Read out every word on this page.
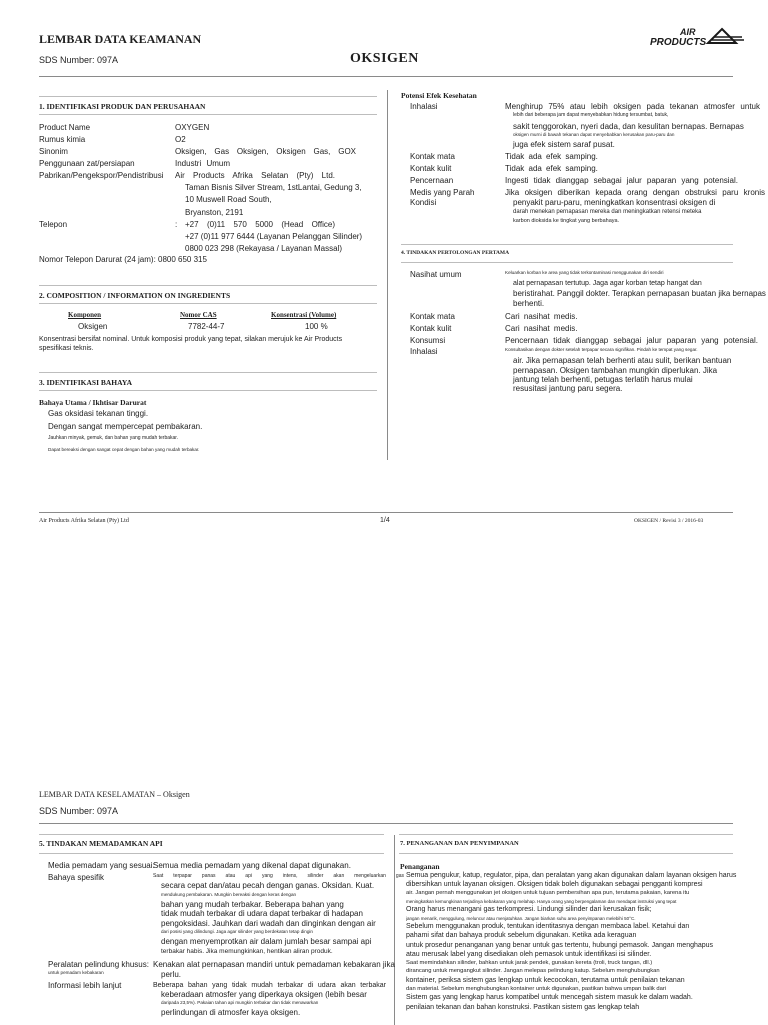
LEMBAR DATA KEAMANAN
SDS Number: 097A	OKSIGEN
AIR
PRODUCTS
1. IDENTIFIKASI PRODUK DAN PERUSAHAAN
Product Name	OXYGEN
Rumus kimia	O2
Sinonim	Oksigen, Gas Oksigen, Oksigen Gas, GOX
Penggunaan zat/persiapan	Industri Umum
Pabrikan/Pengekspor/Pendistribusi Air Products Afrika Selatan (Pty) Ltd.
Taman Bisnis Silver Stream, 1stLantai, Gedung 3,
10 Muswell Road South,
Bryanston, 2191
Telepon	: +27 (0)11 570 5000 (Head Office)
+27 (0)11 977 6444 (Layanan Pelanggan Silinder)
0800 023 298 (Rekayasa / Layanan Massal)
Nomor Telepon Darurat (24 jam): 0800 650 315
2. COMPOSITION / INFORMATION ON INGREDIENTS
Komponen	Nomor CAS	Konsentrasi (Volume)
Oksigen	7782-44-7	100 %
Konsentrasi bersifat nominal. Untuk komposisi produk yang tepat, silakan merujuk ke Air Products spesifikasi teknis.
3. IDENTIFIKASI BAHAYA
Bahaya Utama / Ikhtisar Darurat
Gas oksidasi tekanan tinggi.
Dengan sangat mempercepat pembakaran.
Jauhkan minyak, gemuk, dan bahan yang mudah terbakar.
Dapat bereaksi dengan sangat cepat dengan bahan yang mudah terbakar.
Potensi Efek Kesehatan
Inhalasi	Menghirup 75% atau lebih oksigen pada tekanan atmosfer untuk
lebih dari beberapa jam dapat menyebabkan hidung tersumbat, batuk,
sakit tenggorokan, nyeri dada, dan kesulitan bernapas. Bernapas
oksigen murni di bawah tekanan dapat menyebabkan kerusakan paru-paru dan
juga efek sistem saraf pusat.
Kontak mata	Tidak ada efek samping.
Kontak kulit	Tidak ada efek samping.
Pencernaan	Ingesti tidak dianggap sebagai jalur paparan yang potensial.
Medis yang Parah
Kondisi
Jika oksigen diberikan kepada orang dengan obstruksi paru kronis
penyakit paru-paru, meningkatkan konsentrasi oksigen di
darah menekan pernapasan mereka dan meningkatkan retensi meteka
karbon dioksida ke tingkat yang berbahaya.
4. TINDAKAN PERTOLONGAN PERTAMA
Nasihat umum	Keluarkan korban ke area yang tidak terkontaminasi menggunakan diri sendiri
alat pernapasan tertutup. Jaga agar korban tetap hangat dan
beristirahat. Panggil dokter. Terapkan pernapasan buatan jika bernapas
berhenti.
Kontak mata	Cari nasihat medis.
Kontak kulit	Cari nasihat medis.
Konsumsi	Pencernaan tidak dianggap sebagai jalur paparan yang potensial.
Inhalasi	Konsultasikan dengan dokter setelah terpapar secara signifikan. Pindah ke tempat yang segar.
air. Jika pernapasan telah berhenti atau sulit, berikan bantuan
pernapasan. Oksigen tambahan mungkin diperlukan. Jika
jantung telah berhenti, petugas terlatih harus mulai
resusitasi jantung paru segera.
Air Products Afrika Selatan (Pty) Ltd	1/4	OKSIGEN / Revisi 3 / 2016-03
LEMBAR DATA KESELAMATAN – Oksigen
SDS Number: 097A
5. TINDAKAN MEMADAMKAN API
Media pemadam yang sesuai:
Semua media pemadam yang dikenal dapat digunakan.
Bahaya spesifik	Saat terpapar panas atau api yang intens, silinder akan mengeluarkan gas
secara cepat dan/atau pecah dengan ganas. Oksidan. Kuat.
mendukung pembakaran. Mungkin bereaksi dengan keras dengan
bahan yang mudah terbakar. Beberapa bahan yang
tidak mudah terbakar di udara dapat terbakar di hadapan
pengoksidasi. Jauhkan dari wadah dan dinginkan dengan air
dari posisi yang dilindungi. Jaga agar silinder yang berdekatan tetap dingin
dengan menyemprotkan air dalam jumlah besar sampai api
terbakar habis. Jika memungkinkan, hentikan aliran produk.
Peralatan pelindung khusus:
untuk pemadam kebakaran
Kenakan alat pernapasan mandiri untuk pemadaman kebakaran jika
perlu.
Informasi lebih lanjut	Beberapa bahan yang tidak mudah terbakar di udara akan terbakar
keberadaan atmosfer yang diperkaya oksigen (lebih besar
daripada 23,5%). Pakaian tahan api mungkin terbakar dan tidak menawarkan
perlindungan di atmosfer kaya oksigen.
7. PENANGANAN DAN PENYIMPANAN
Penanganan
Semua pengukur, katup, regulator, pipa, dan peralatan yang akan digunakan dalam layanan oksigen harus
dibersihkan untuk layanan oksigen. Oksigen tidak boleh digunakan sebagai pengganti kompresi
air. Jangan pernah menggunakan jet oksigen untuk tujuan pembersihan apa pun, terutama pakaian, karena itu
meningkatkan kemungkinan terjadinya kebakaran yang melahap. Hanya orang yang berpengalaman dan mendapat instruksi yang tepat
Orang harus menangani gas terkompresi. Lindungi silinder dari kerusakan fisik;
jangan menarik, menggulung, meluncur atau menjatuhkan. Jangan biarkan suhu area penyimpanan melebihi 50°C.
Sebelum menggunakan produk, tentukan identitasnya dengan membaca label. Ketahui dan
pahami sifat dan bahaya produk sebelum digunakan. Ketika ada keraguan
untuk prosedur penanganan yang benar untuk gas tertentu, hubungi pemasok. Jangan menghapus
atau merusak label yang disediakan oleh pemasok untuk identifikasi isi silinder.
Saat memindahkan silinder, bahkan untuk jarak pendek, gunakan kereta (troli, truck tangan, dll.)
dirancang untuk mengangkut silinder. Jangan melepas pelindung katup. Sebelum menghubungkan
kontainer, periksa sistem gas lengkap untuk kecocokan, terutama untuk penilaian tekanan
dan material. Sebelum menghubungkan kontainer untuk digunakan, pastikan bahwa umpan balik dari
Sistem gas yang lengkap harus kompatibel untuk mencegah sistem masuk ke dalam wadah.
penilaian tekanan dan bahan konstruksi. Pastikan sistem gas lengkap telah
